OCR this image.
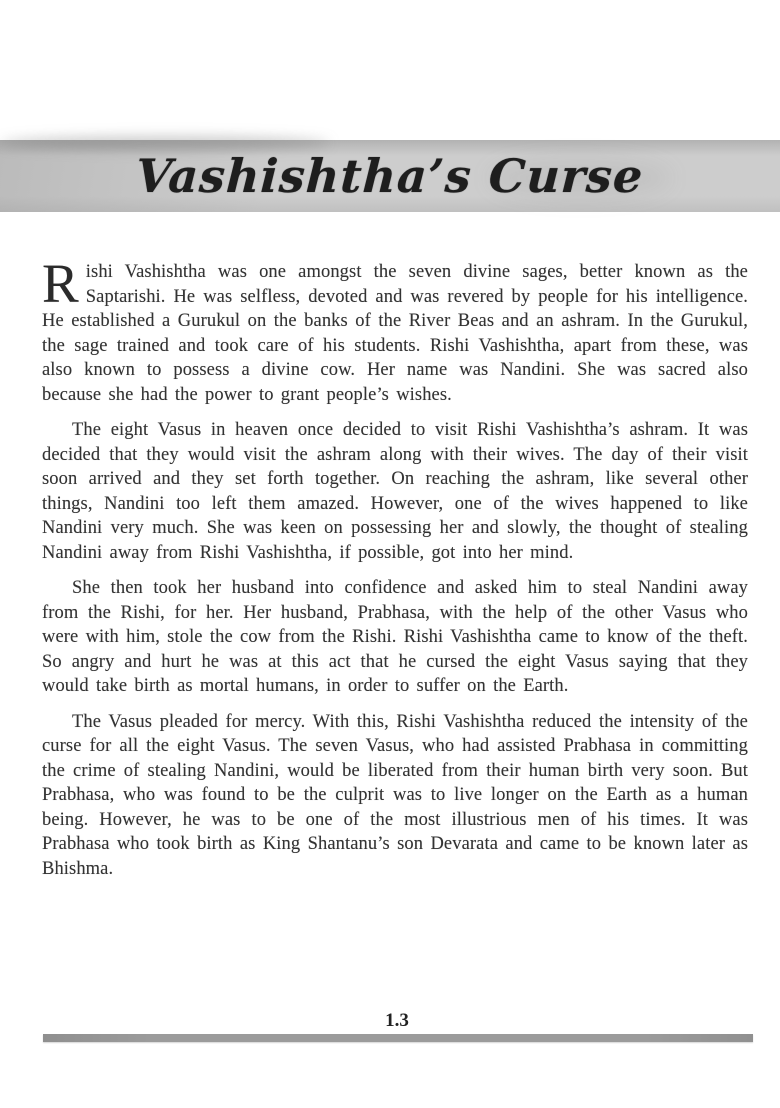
Vashishtha’s Curse

Rishi Vashishtha was one amongst the seven divine sages, better known as the Saptarishi. He was selfless, devoted and was revered by people for his intelligence. He established a Gurukul on the banks of the River Beas and an ashram. In the Gurukul, the sage trained and took care of his students. Rishi Vashishtha, apart from these, was also known to possess a divine cow. Her name was Nandini. She was sacred also because she had the power to grant people’s wishes.

The eight Vasus in heaven once decided to visit Rishi Vashishtha’s ashram. It was decided that they would visit the ashram along with their wives. The day of their visit soon arrived and they set forth together. On reaching the ashram, like several other things, Nandini too left them amazed. However, one of the wives happened to like Nandini very much. She was keen on possessing her and slowly, the thought of stealing Nandini away from Rishi Vashishtha, if possible, got into her mind.

She then took her husband into confidence and asked him to steal Nandini away from the Rishi, for her. Her husband, Prabhasa, with the help of the other Vasus who were with him, stole the cow from the Rishi. Rishi Vashishtha came to know of the theft. So angry and hurt he was at this act that he cursed the eight Vasus saying that they would take birth as mortal humans, in order to suffer on the Earth.

The Vasus pleaded for mercy. With this, Rishi Vashishtha reduced the intensity of the curse for all the eight Vasus. The seven Vasus, who had assisted Prabhasa in committing the crime of stealing Nandini, would be liberated from their human birth very soon. But Prabhasa, who was found to be the culprit was to live longer on the Earth as a human being. However, he was to be one of the most illustrious men of his times. It was Prabhasa who took birth as King Shantanu’s son Devarata and came to be known later as Bhishma.

1.3
